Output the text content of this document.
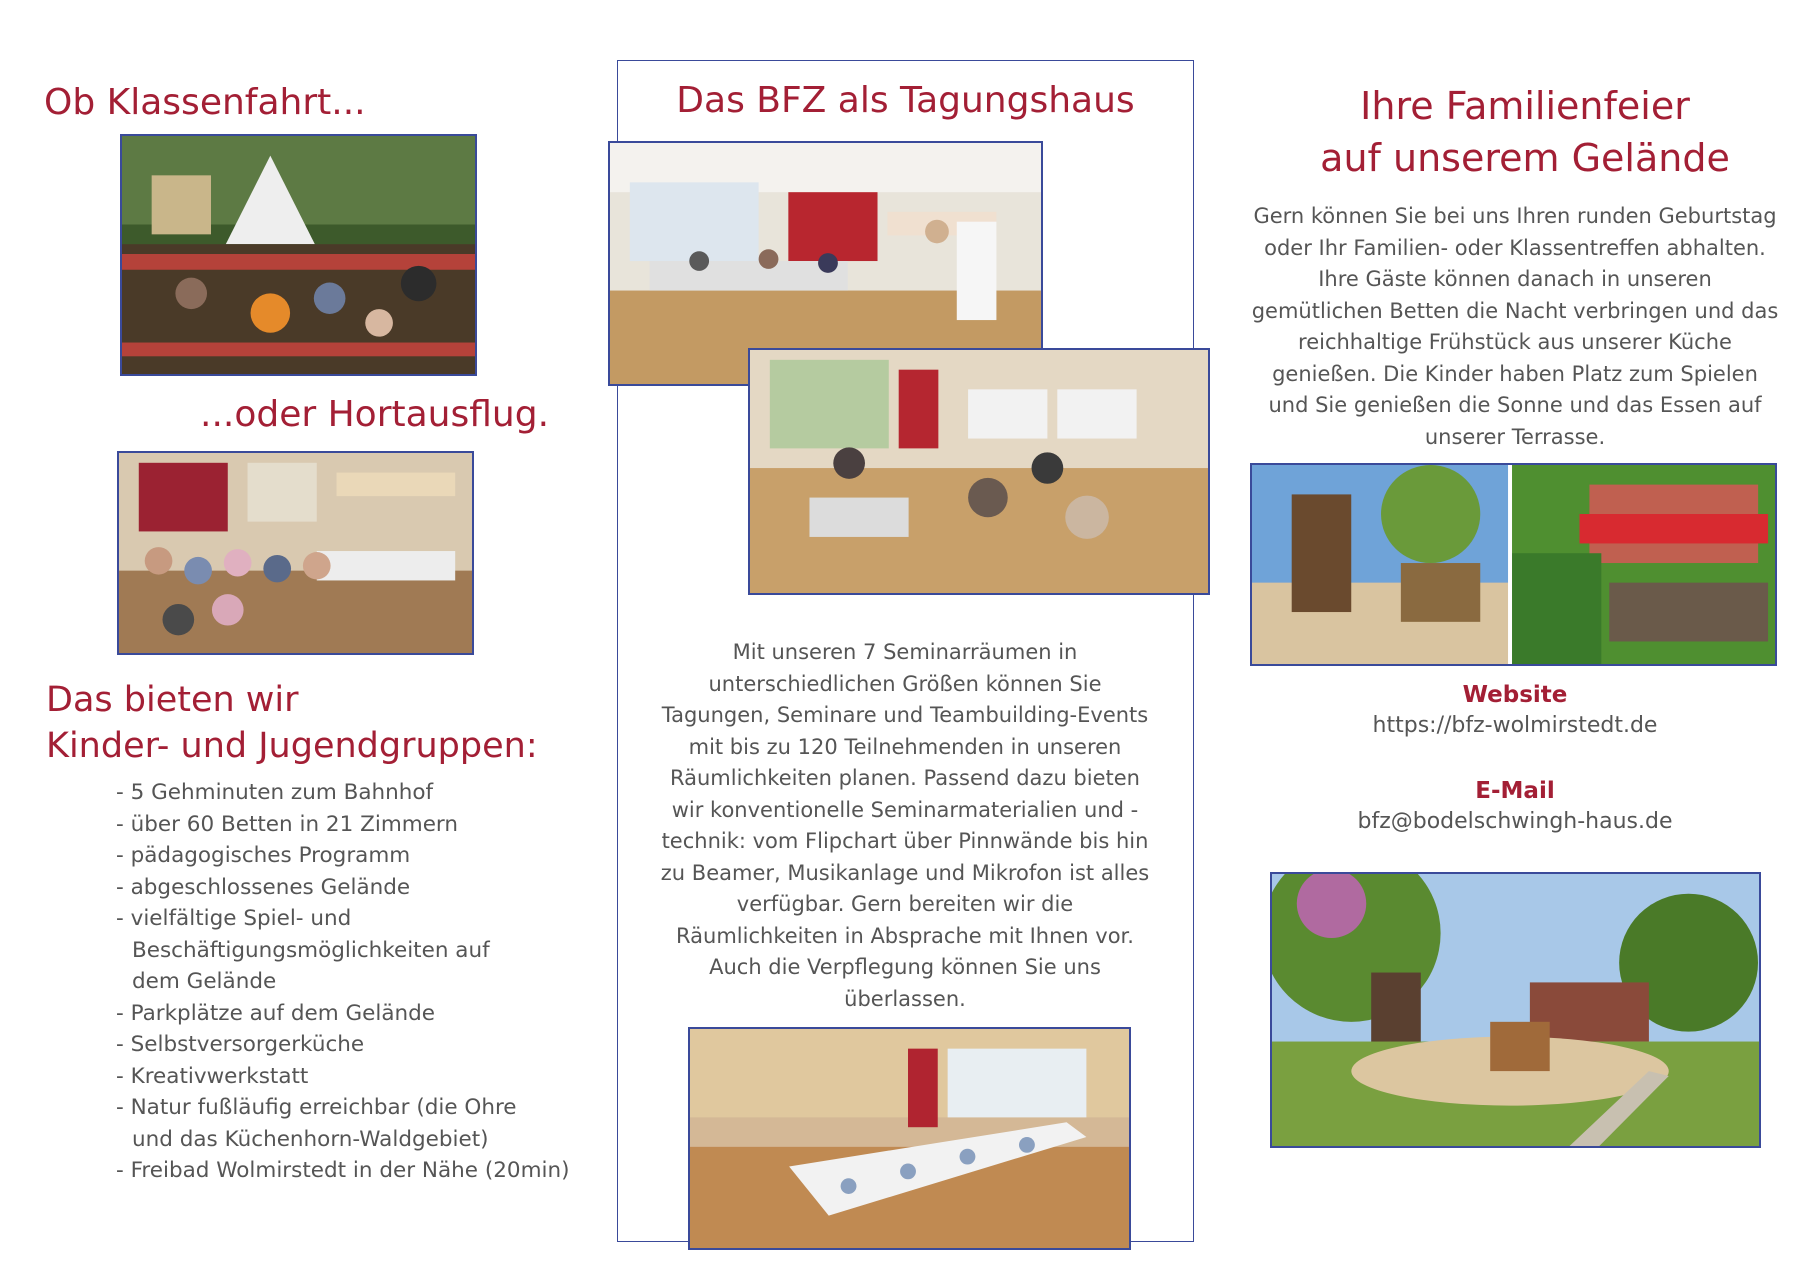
Ob Klassenfahrt...
...oder Hortausflug.
Das bieten wir
Kinder- und Jugendgruppen:
- 5 Gehminuten zum Bahnhof
- über 60 Betten in 21 Zimmern
- pädagogisches Programm
- abgeschlossenes Gelände
- vielfältige Spiel- und Beschäftigungsmöglichkeiten auf dem Gelände
- Parkplätze auf dem Gelände
- Selbstversorgerküche
- Kreativwerkstatt
- Natur fußläufig erreichbar (die Ohre und das Küchenhorn-Waldgebiet)
- Freibad Wolmirstedt in der Nähe (20min)
Das BFZ als Tagungshaus
Mit unseren 7 Seminarräumen in unterschiedlichen Größen können Sie Tagungen, Seminare und Teambuilding-Events mit bis zu 120 Teilnehmenden in unseren Räumlichkeiten planen. Passend dazu bieten wir konventionelle Seminarmaterialien und -technik: vom Flipchart über Pinnwände bis hin zu Beamer, Musikanlage und Mikrofon ist alles verfügbar. Gern bereiten wir die Räumlichkeiten in Absprache mit Ihnen vor. Auch die Verpflegung können Sie uns überlassen.
Ihre Familienfeier
auf unserem Gelände
Gern können Sie bei uns Ihren runden Geburtstag oder Ihr Familien- oder Klassentreffen abhalten. Ihre Gäste können danach in unseren gemütlichen Betten die Nacht verbringen und das reichhaltige Frühstück aus unserer Küche genießen. Die Kinder haben Platz zum Spielen und Sie genießen die Sonne und das Essen auf unserer Terrasse.
Website
https://bfz-wolmirstedt.de
E-Mail
bfz@bodelschwingh-haus.de
